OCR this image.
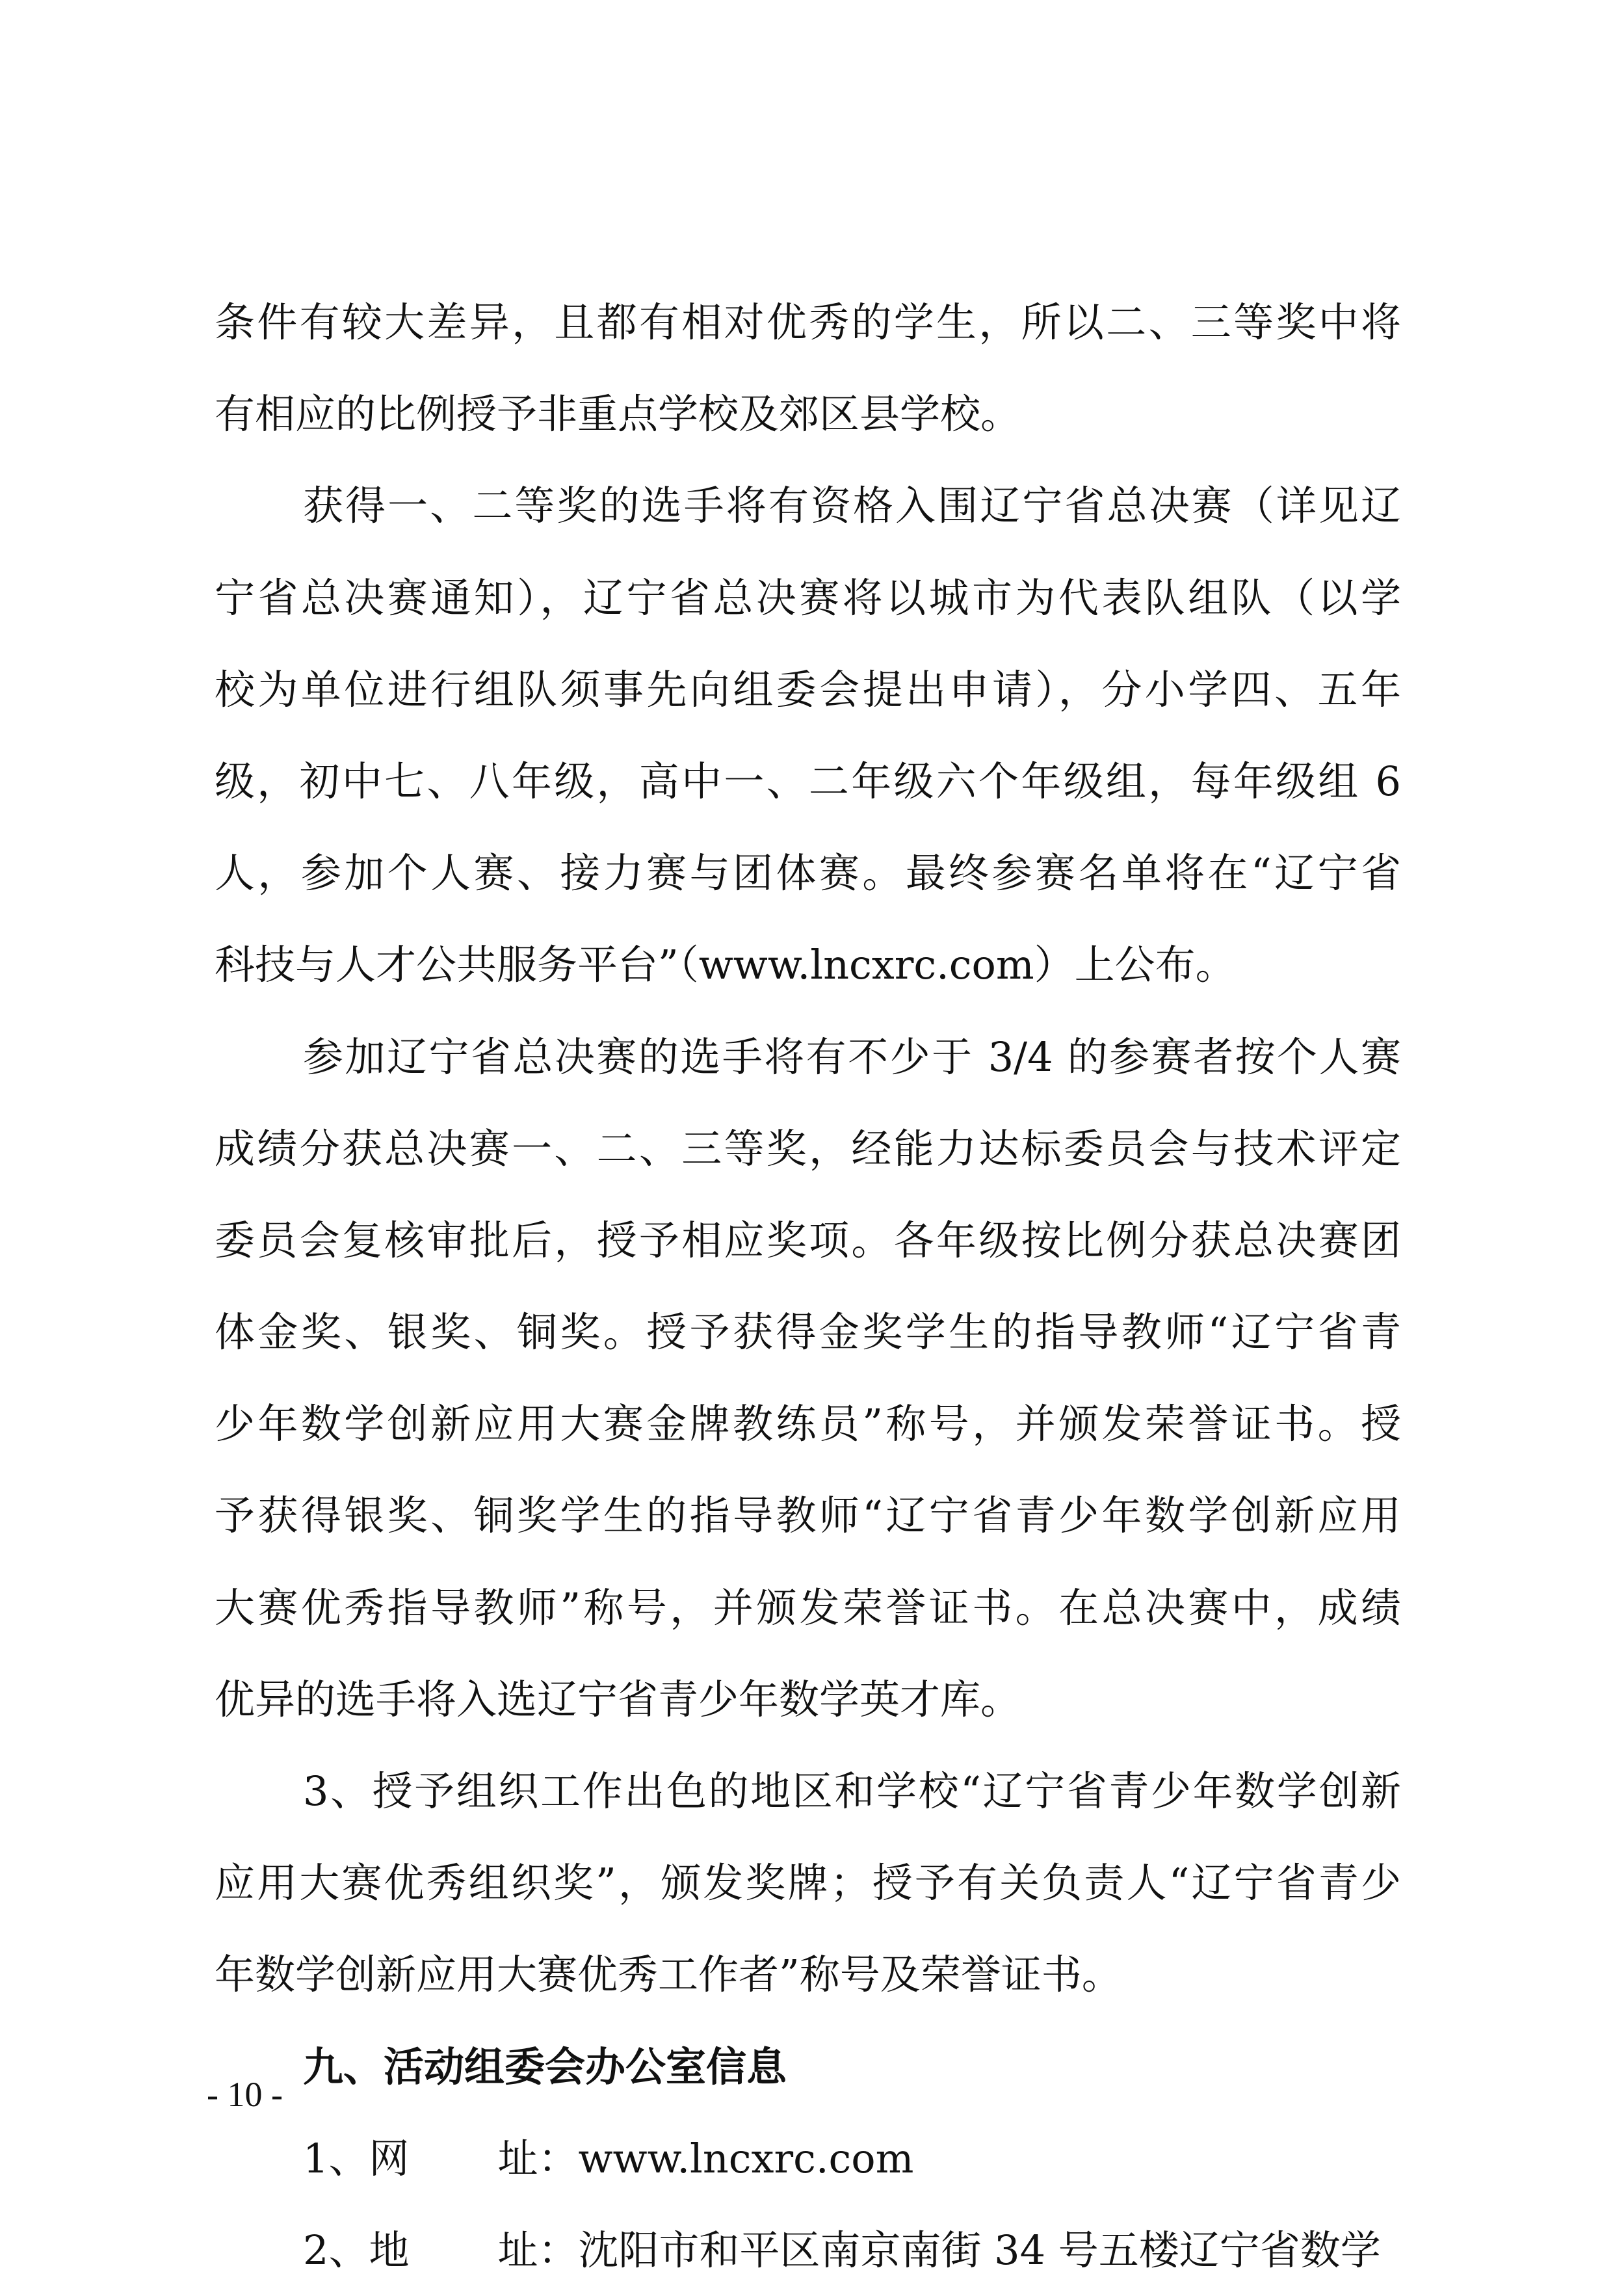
条件有较大差异，且都有相对优秀的学生，所以二、三等奖中将
有相应的比例授予非重点学校及郊区县学校。
获得一、二等奖的选手将有资格入围辽宁省总决赛（详见辽
宁省总决赛通知），辽宁省总决赛将以城市为代表队组队（以学
校为单位进行组队须事先向组委会提出申请），分小学四、五年
级，初中七、八年级，高中一、二年级六个年级组，每年级组 6
人，参加个人赛、接力赛与团体赛。最终参赛名单将在“辽宁省
科技与人才公共服务平台”（www.lncxrc.com）上公布。
参加辽宁省总决赛的选手将有不少于 3/4 的参赛者按个人赛
成绩分获总决赛一、二、三等奖，经能力达标委员会与技术评定
委员会复核审批后，授予相应奖项。各年级按比例分获总决赛团
体金奖、银奖、铜奖。授予获得金奖学生的指导教师“辽宁省青
少年数学创新应用大赛金牌教练员”称号，并颁发荣誉证书。授
予获得银奖、铜奖学生的指导教师“辽宁省青少年数学创新应用
大赛优秀指导教师”称号，并颁发荣誉证书。在总决赛中，成绩
优异的选手将入选辽宁省青少年数学英才库。
3、授予组织工作出色的地区和学校“辽宁省青少年数学创新
应用大赛优秀组织奖”，颁发奖牌；授予有关负责人“辽宁省青少
年数学创新应用大赛优秀工作者”称号及荣誉证书。
九、活动组委会办公室信息
1、网址：www.lncxrc.com
2、地址：沈阳市和平区南京南街 34 号五楼辽宁省数学
- 10 -
